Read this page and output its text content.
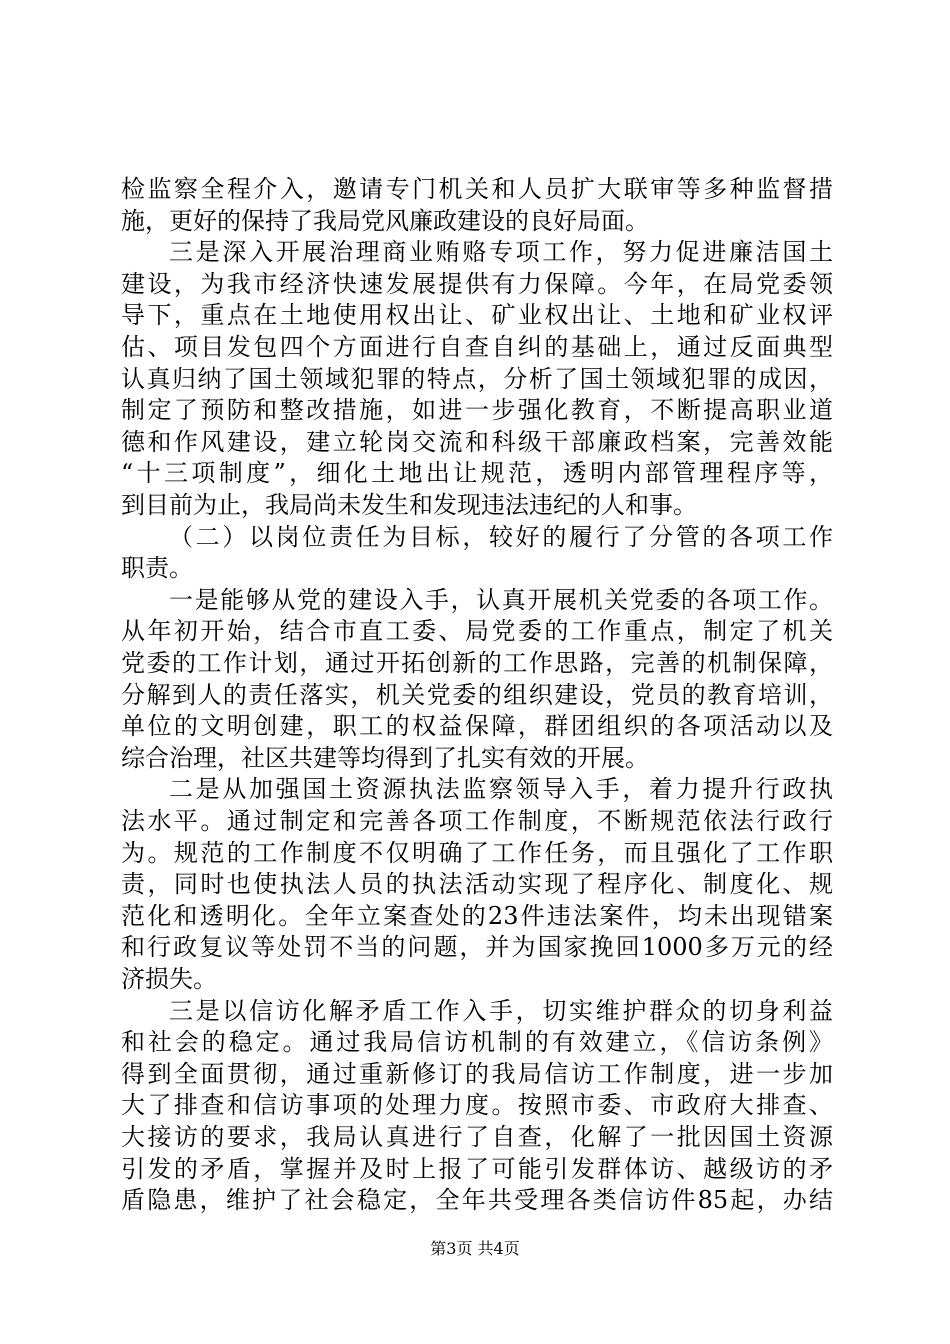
检监察全程介入，邀请专门机关和人员扩大联审等多种监督措
施，更好的保持了我局党风廉政建设的良好局面。
三是深入开展治理商业贿赂专项工作，努力促进廉洁国土
建设，为我市经济快速发展提供有力保障。今年，在局党委领
导下，重点在土地使用权出让、矿业权出让、土地和矿业权评
估、项目发包四个方面进行自查自纠的基础上，通过反面典型
认真归纳了国土领域犯罪的特点，分析了国土领域犯罪的成因，
制定了预防和整改措施，如进一步强化教育，不断提高职业道
德和作风建设，建立轮岗交流和科级干部廉政档案，完善效能
“十三项制度”，细化土地出让规范，透明内部管理程序等，
到目前为止，我局尚未发生和发现违法违纪的人和事。
（二）以岗位责任为目标，较好的履行了分管的各项工作
职责。
一是能够从党的建设入手，认真开展机关党委的各项工作。
从年初开始，结合市直工委、局党委的工作重点，制定了机关
党委的工作计划，通过开拓创新的工作思路，完善的机制保障，
分解到人的责任落实，机关党委的组织建设，党员的教育培训，
单位的文明创建，职工的权益保障，群团组织的各项活动以及
综合治理，社区共建等均得到了扎实有效的开展。
二是从加强国土资源执法监察领导入手，着力提升行政执
法水平。通过制定和完善各项工作制度，不断规范依法行政行
为。规范的工作制度不仅明确了工作任务，而且强化了工作职
责，同时也使执法人员的执法活动实现了程序化、制度化、规
范化和透明化。全年立案查处的23件违法案件，均未出现错案
和行政复议等处罚不当的问题，并为国家挽回1000多万元的经
济损失。
三是以信访化解矛盾工作入手，切实维护群众的切身利益
和社会的稳定。通过我局信访机制的有效建立，《信访条例》
得到全面贯彻，通过重新修订的我局信访工作制度，进一步加
大了排查和信访事项的处理力度。按照市委、市政府大排查、
大接访的要求，我局认真进行了自查，化解了一批因国土资源
引发的矛盾，掌握并及时上报了可能引发群体访、越级访的矛
盾隐患，维护了社会稳定，全年共受理各类信访件85起，办结
第3页 共4页
